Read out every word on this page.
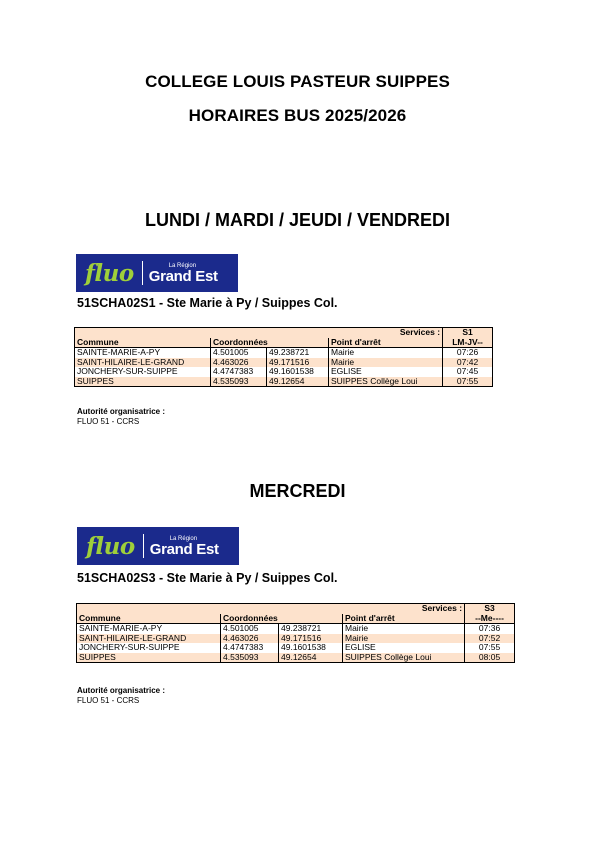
COLLEGE LOUIS PASTEUR SUIPPES
HORAIRES BUS 2025/2026
LUNDI / MARDI / JEUDI / VENDREDI
fluo	La Région
Grand Est
51SCHA02S1 - Ste Marie à Py / Suippes Col.
Services :				S1
Commune	Coordonnées		Point d'arrêt	LM-JV--
SAINTE-MARIE-A-PY	4.501005	49.238721	Mairie	07:26
SAINT-HILAIRE-LE-GRAND	4.463026	49.171516	Mairie	07:42
JONCHERY-SUR-SUIPPE	4.4747383	49.1601538	EGLISE	07:45
SUIPPES	4.535093	49.12654	SUIPPES Collège Loui	07:55
Autorité organisatrice :
FLUO 51 - CCRS
MERCREDI
fluo	La Région
Grand Est
51SCHA02S3 - Ste Marie à Py / Suippes Col.
Services :				S3
Commune	Coordonnées		Point d'arrêt	--Me----
SAINTE-MARIE-A-PY	4.501005	49.238721	Mairie	07:36
SAINT-HILAIRE-LE-GRAND	4.463026	49.171516	Mairie	07:52
JONCHERY-SUR-SUIPPE	4.4747383	49.1601538	EGLISE	07:55
SUIPPES	4.535093	49.12654	SUIPPES Collège Loui	08:05
Autorité organisatrice :
FLUO 51 - CCRS
